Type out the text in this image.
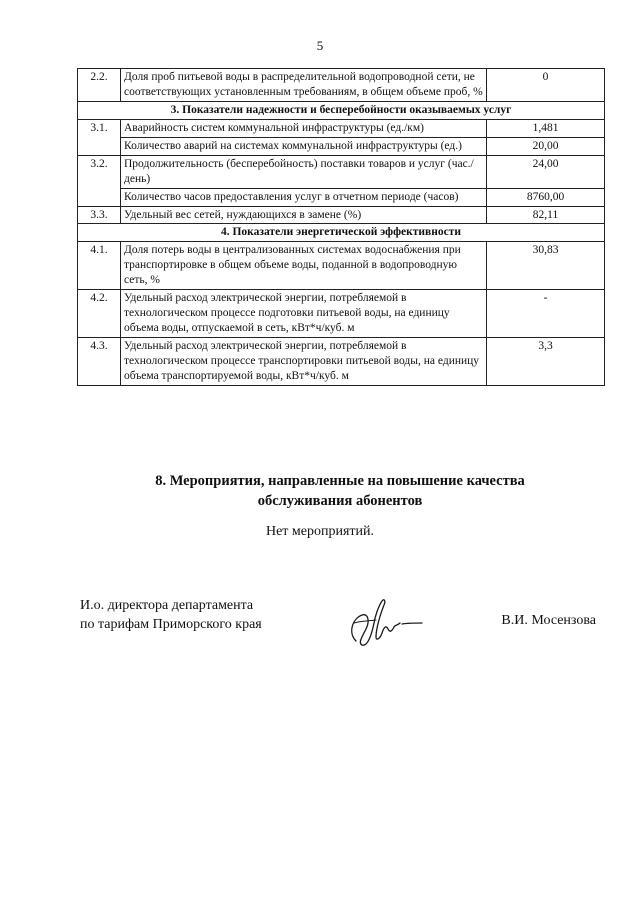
5
2.2.	Доля проб питьевой воды в распределительной водопроводной сети, не соответствующих установленным требованиям, в общем объеме проб, %	0
3. Показатели надежности и бесперебойности оказываемых услуг		
3.1.	Аварийность систем коммунальной инфраструктуры (ед./км)	1,481
	Количество аварий на системах коммунальной инфраструктуры (ед.)	20,00
3.2.	Продолжительность (бесперебойность) поставки товаров и услуг (час./день)	24,00
	Количество часов предоставления услуг в отчетном периоде (часов)	8760,00
3.3.	Удельный вес сетей, нуждающихся в замене (%)	82,11
4. Показатели энергетической эффективности		
4.1.	Доля потерь воды в централизованных системах водоснабжения при транспортировке в общем объеме воды, поданной в водопроводную сеть, %	30,83
4.2.	Удельный расход электрической энергии, потребляемой в технологическом процессе подготовки питьевой воды, на единицу объема воды, отпускаемой в сеть, кВт*ч/куб. м	-
4.3.	Удельный расход электрической энергии, потребляемой в технологическом процессе транспортировки питьевой воды, на единицу объема транспортируемой воды, кВт*ч/куб. м	3,3
8. Мероприятия, направленные на повышение качества
обслуживания абонентов
Нет мероприятий.
И.о. директора департамента
по тарифам Приморского края	В.И. Мосензова
